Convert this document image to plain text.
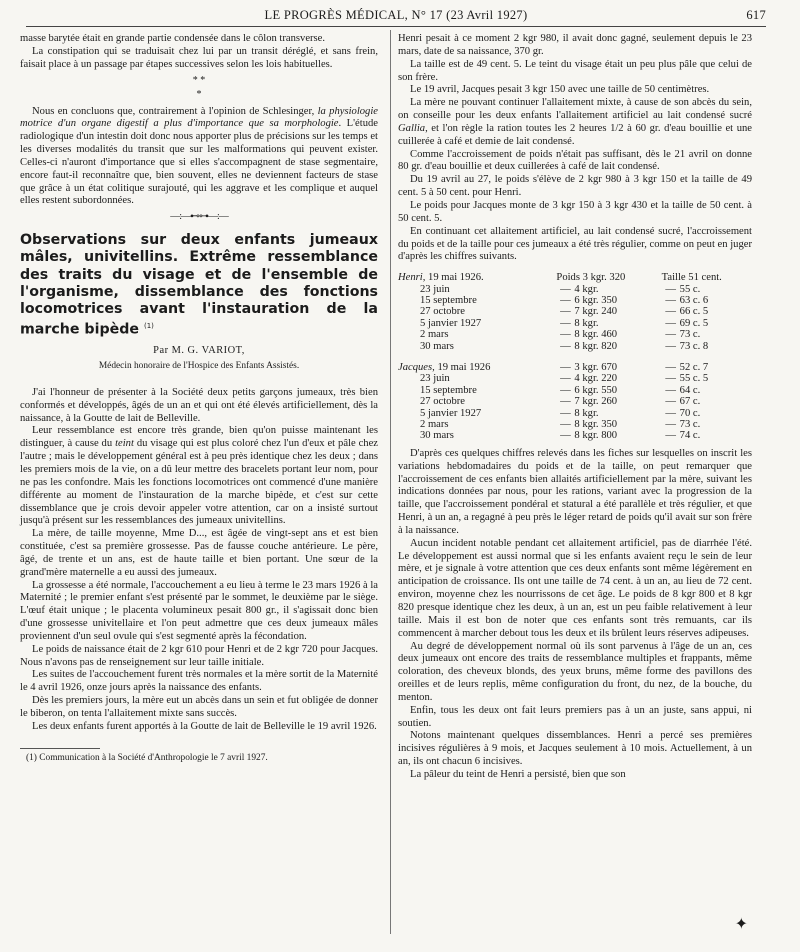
LE PROGRÈS MÉDICAL, N° 17 (23 Avril 1927)	617

masse barytée était en grande partie condensée dans le côlon transverse.

La constipation qui se traduisait chez lui par un transit déréglé, et sans frein, faisait place à un passage par étapes successives selon les lois habituelles.

* *
*

Nous en concluons que, contrairement à l'opinion de Schlesinger, la physiologie motrice d'un organe digestif a plus d'importance que sa morphologie. L'étude radiologique d'un intestin doit donc nous apporter plus de précisions sur les temps et les diverses modalités du transit que sur les malformations qui peuvent exister. Celles-ci n'auront d'importance que si elles s'accompagnent de stase segmentaire, encore faut-il reconnaître que, bien souvent, elles ne deviennent facteurs de stase que grâce à un état colitique surajouté, qui les aggrave et les complique et auquel elles restent subordonnées.

—:—⊷⊶—:—
Observations sur deux enfants jumeaux mâles, univitellins. Extrême ressemblance des traits du visage et de l'ensemble de l'organisme, dissemblance des fonctions locomotrices avant l'instauration de la marche bipède $^{(1)}$
Par M. G. VARIOT,
Médecin honoraire de l'Hospice des Enfants Assistés.

J'ai l'honneur de présenter à la Société deux petits garçons jumeaux, très bien conformés et développés, âgés de un an et qui ont été élevés artificiellement, dès la naissance, à la Goutte de lait de Belleville.

Leur ressemblance est encore très grande, bien qu'on puisse maintenant les distinguer, à cause du teint du visage qui est plus coloré chez l'un d'eux et pâle chez l'autre ; mais le développement général est à peu près identique chez les deux ; dans les premiers mois de la vie, on a dû leur mettre des bracelets portant leur nom, pour ne pas les confondre. Mais les fonctions locomotrices ont commencé d'une manière différente au moment de l'instauration de la marche bipède, et c'est sur cette dissemblance que je crois devoir appeler votre attention, car on a insisté surtout jusqu'à présent sur les ressemblances des jumeaux univitellins.

La mère, de taille moyenne, Mme D..., est âgée de vingt-sept ans et est bien constituée, c'est sa première grossesse. Pas de fausse couche antérieure. Le père, âgé, de trente et un ans, est de haute taille et bien portant. Une sœur de la grand'mère maternelle a eu aussi des jumeaux.

La grossesse a été normale, l'accouchement a eu lieu à terme le 23 mars 1926 à la Maternité ; le premier enfant s'est présenté par le sommet, le deuxième par le siège. L'œuf était unique ; le placenta volumineux pesait 800 gr., il s'agissait donc bien d'une grossesse univitellaire et l'on peut admettre que ces deux jumeaux mâles proviennent d'un seul ovule qui s'est segmenté après la fécondation.

Le poids de naissance était de 2 kgr 610 pour Henri et de 2 kgr 720 pour Jacques. Nous n'avons pas de renseignement sur leur taille initiale.

Les suites de l'accouchement furent très normales et la mère sortit de la Maternité le 4 avril 1926, onze jours après la naissance des enfants.

Dès les premiers jours, la mère eut un abcès dans un sein et fut obligée de donner le biberon, on tenta l'allaitement mixte sans succès.

Les deux enfants furent apportés à la Goutte de lait de Belleville le 19 avril 1926.

(1) Communication à la Société d'Anthropologie le 7 avril 1927.

Henri pesait à ce moment 2 kgr 980, il avait donc gagné, seulement depuis le 23 mars, date de sa naissance, 370 gr.

La taille est de 49 cent. 5. Le teint du visage était un peu plus pâle que celui de son frère.

Le 19 avril, Jacques pesait 3 kgr 150 avec une taille de 50 centimètres.

La mère ne pouvant continuer l'allaitement mixte, à cause de son abcès du sein, on conseille pour les deux enfants l'allaitement artificiel au lait condensé sucré Gallia, et l'on règle la ration toutes les 2 heures 1/2 à 60 gr. d'eau bouillie et une cuillerée à café et demie de lait condensé.

Comme l'accroissement de poids n'était pas suffisant, dès le 21 avril on donne 80 gr. d'eau bouillie et deux cuillerées à café de lait condensé.

Du 19 avril au 27, le poids s'élève de 2 kgr 980 à 3 kgr 150 et la taille de 49 cent. 5 à 50 cent. pour Henri.

Le poids pour Jacques monte de 3 kgr 150 à 3 kgr 430 et la taille de 50 cent. à 50 cent. 5.

En continuant cet allaitement artificiel, au lait condensé sucré, l'accroissement du poids et de la taille pour ces jumeaux a été très régulier, comme on peut en juger d'après les chiffres suivants.

Henri, 19 mai 1926.	Poids 3 kgr. 320		Taille 51 cent.	
23 juin	—	4 kgr.	—	55 c.
15 septembre	—	6 kgr. 350	—	63 c. 6
27 octobre	—	7 kgr. 240	—	66 c. 5
5 janvier 1927	—	8 kgr.	—	69 c. 5
2 mars	—	8 kgr. 460	—	73 c.
30 mars	—	8 kgr. 820	—	73 c. 8

Jacques, 19 mai 1926	—	3 kgr. 670	—	52 c. 7
23 juin	—	4 kgr. 220	—	55 c. 5
15 septembre	—	6 kgr. 550	—	64 c.
27 octobre	—	7 kgr. 260	—	67 c.
5 janvier 1927	—	8 kgr.	—	70 c.
2 mars	—	8 kgr. 350	—	73 c.
30 mars	—	8 kgr. 800	—	74 c.

D'après ces quelques chiffres relevés dans les fiches sur lesquelles on inscrit les variations hebdomadaires du poids et de la taille, on peut remarquer que l'accroissement de ces enfants bien allaités artificiellement par la mère, suivant les indications données par nous, pour les rations, variant avec la progression de la taille, que l'accroissement pondéral et statural a été parallèle et très régulier, et que Henri, à un an, a regagné à peu près le léger retard de poids qu'il avait sur son frère à la naissance.

Aucun incident notable pendant cet allaitement artificiel, pas de diarrhée l'été. Le développement est aussi normal que si les enfants avaient reçu le sein de leur mère, et je signale à votre attention que ces deux enfants sont même légèrement en anticipation de croissance. Ils ont une taille de 74 cent. à un an, au lieu de 72 cent. environ, moyenne chez les nourrissons de cet âge. Le poids de 8 kgr 800 et 8 kgr 820 presque identique chez les deux, à un an, est un peu faible relativement à leur taille. Mais il est bon de noter que ces enfants sont très remuants, car ils commencent à marcher debout tous les deux et ils brûlent leurs réserves adipeuses.

Au degré de développement normal où ils sont parvenus à l'âge de un an, ces deux jumeaux ont encore des traits de ressemblance multiples et frappants, même coloration, des cheveux blonds, des yeux bruns, même forme des pavillons des oreilles et de leurs replis, même configuration du front, du nez, de la bouche, du menton.

Enfin, tous les deux ont fait leurs premiers pas à un an juste, sans appui, ni soutien.

Notons maintenant quelques dissemblances. Henri a percé ses premières incisives régulières à 9 mois, et Jacques seulement à 10 mois. Actuellement, à un an, ils ont chacun 6 incisives.

La pâleur du teint de Henri a persisté, bien que son

✦
